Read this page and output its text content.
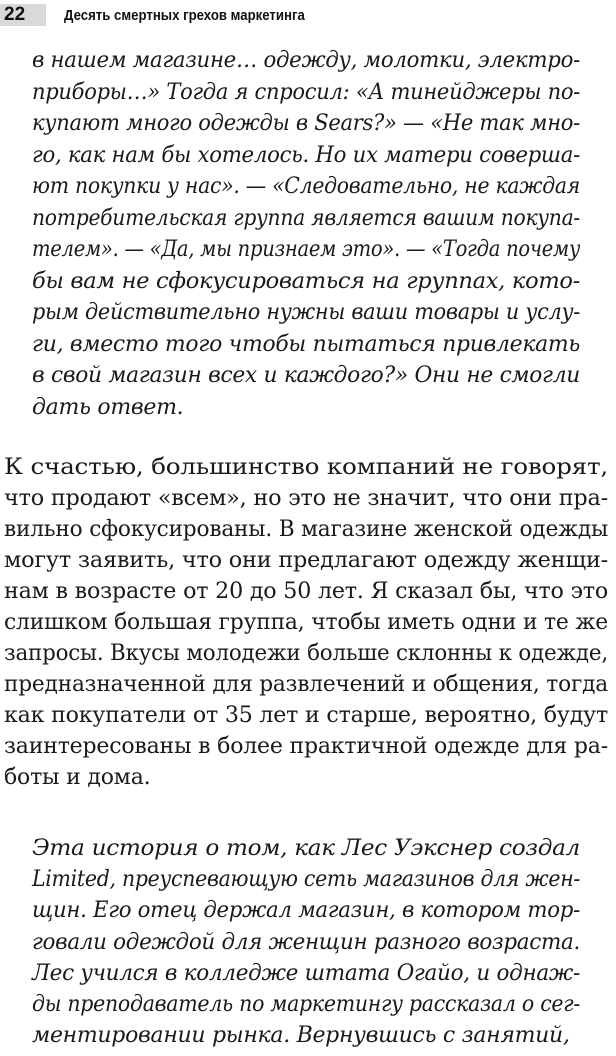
22	Десять смертных грехов маркетинга
в нашем магазине… одежду, молотки, электро-
приборы…» Тогда я спросил: «А тинейджеры по-
купают много одежды в Sears?» — «Не так мно-
го, как нам бы хотелось. Но их матери соверша-
ют покупки у нас». — «Следовательно, не каждая
потребительская группа является вашим покупа-
телем». — «Да, мы признаем это». — «Тогда почему
бы вам не сфокусироваться на группах, кото-
рым действительно нужны ваши товары и услу-
ги, вместо того чтобы пытаться привлекать
в свой магазин всех и каждого?» Они не смогли
дать ответ.
К счастью, большинство компаний не говорят,
что продают «всем», но это не значит, что они пра-
вильно сфокусированы. В магазине женской одежды
могут заявить, что они предлагают одежду женщи-
нам в возрасте от 20 до 50 лет. Я сказал бы, что это
слишком большая группа, чтобы иметь одни и те же
запросы. Вкусы молодежи больше склонны к одежде,
предназначенной для развлечений и общения, тогда
как покупатели от 35 лет и старше, вероятно, будут
заинтересованы в более практичной одежде для ра-
боты и дома.
Эта история о том, как Лес Уэкснер создал
Limited, преуспевающую сеть магазинов для жен-
щин. Его отец держал магазин, в котором тор-
говали одеждой для женщин разного возраста.
Лес учился в колледже штата Огайо, и однаж-
ды преподаватель по маркетингу рассказал о сег-
ментировании рынка. Вернувшись с занятий,
